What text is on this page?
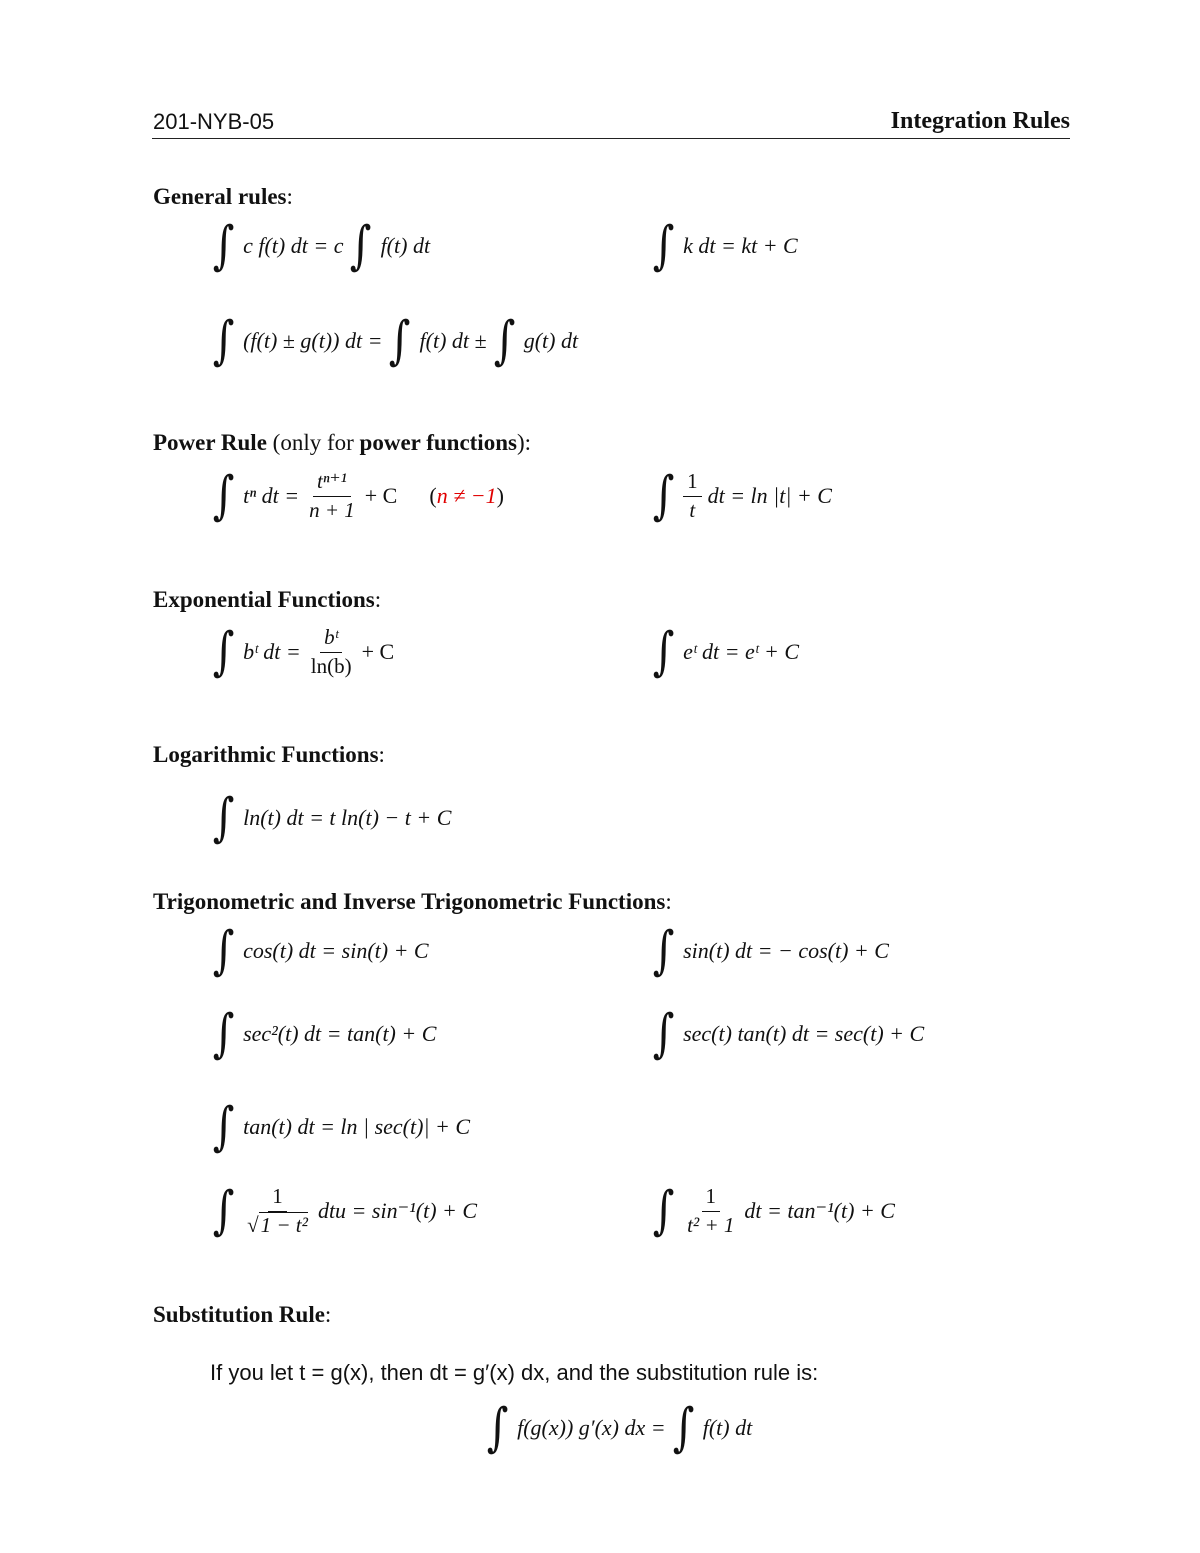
201-NYB-05	Integration Rules
General rules:
∫ c f(t) dt = c ∫ f(t) dt	∫ k dt = kt + C
∫ (f(t) ± g(t)) dt = ∫ f(t) dt ± ∫ g(t) dt
Power Rule (only for power functions):
∫ tⁿ dt = $\frac{\text{tⁿ⁺¹}}{n + 1} + C$ ( n ≠ −1 )	∫ $\frac{1}{t}$ dt = ln |t| + C
Exponential Functions:
∫ bᵗ dt = $\frac{\text{bᵗ}}{\ln(b)} + C$	∫ eᵗ dt = eᵗ + C
Logarithmic Functions:
∫ ln(t) dt = t ln(t) − t + C
Trigonometric and Inverse Trigonometric Functions:
∫ cos(t) dt = sin(t) + C	∫ sin(t) dt = − cos(t) + C
∫ sec²(t) dt = tan(t) + C	∫ sec(t) tan(t) dt = sec(t) + C
∫ tan(t) dt = ln | sec(t)| + C
∫ $\frac{1}{\text{√1 − t²}}$ dtu = sin⁻¹(t) + C	∫ $\frac{1}{\text{t² + 1}}$ dt = tan⁻¹(t) + C
Substitution Rule:
If you let t = g(x), then dt = g′(x) dx, and the substitution rule is:
∫ f(g(x)) g′(x) dx = ∫ f(t) dt
